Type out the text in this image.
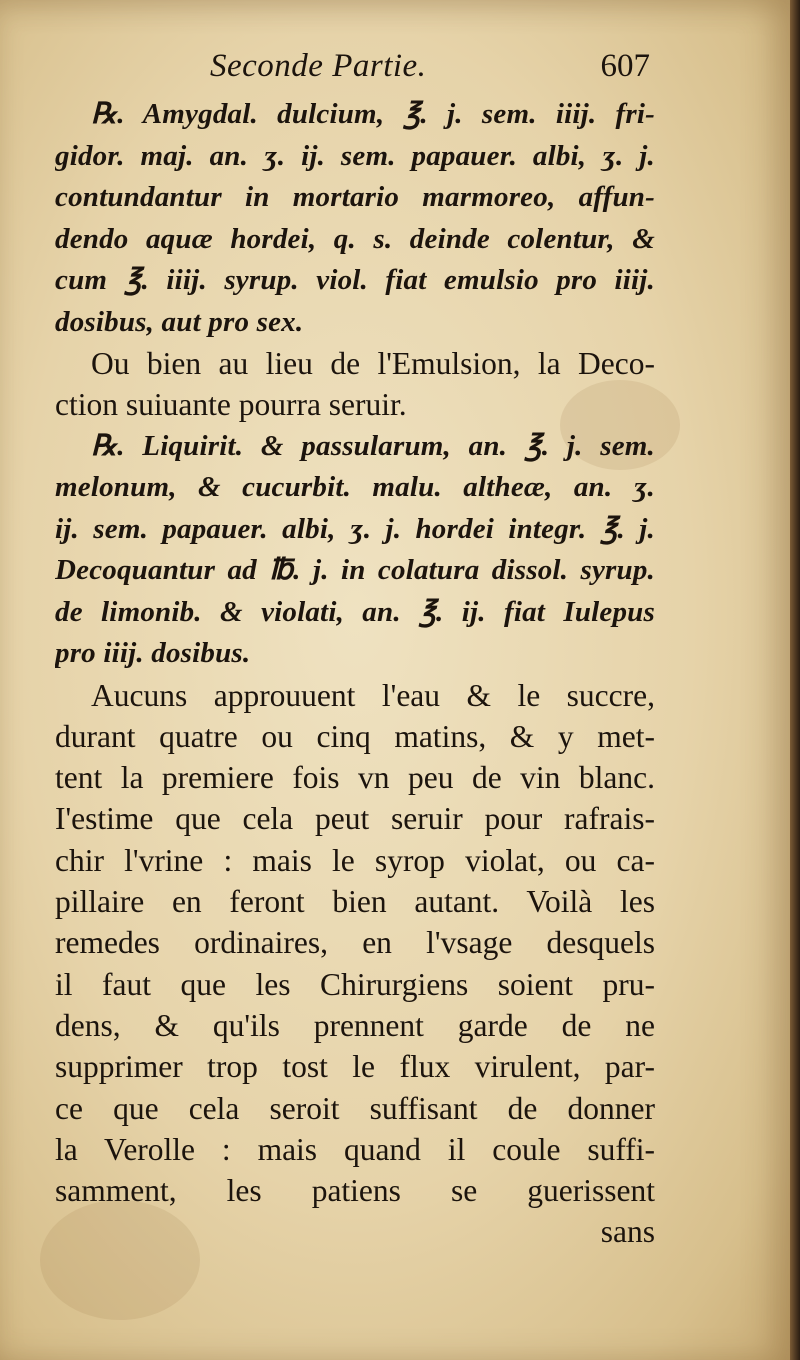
Seconde Partie.	607
℞. Amygdal. dulcium, ℥. j. sem. iiij. fri-
gidor. maj. an. ʒ. ij. sem. papauer. albi, ʒ. j.
contundantur in mortario marmoreo, affun-
dendo aquæ hordei, q. s. deinde colentur, &
cum ℥. iiij. syrup. viol. fiat emulsio pro iiij.
dosibus, aut pro sex.
Ou bien au lieu de l'Emulsion, la Deco-
ction suiuante pourra seruir.
℞. Liquirit. & passularum, an. ℥. j. sem.
melonum, & cucurbit. malu. altheæ, an. ʒ.
ij. sem. papauer. albi, ʒ. j. hordei integr. ℥. j.
Decoquantur ad ℔. j. in colatura dissol. syrup.
de limonib. & violati, an. ℥. ij. fiat Iulepus
pro iiij. dosibus.
Aucuns approuuent l'eau & le succre,
durant quatre ou cinq matins, & y met-
tent la premiere fois vn peu de vin blanc.
I'estime que cela peut seruir pour rafrais-
chir l'vrine : mais le syrop violat, ou ca-
pillaire en feront bien autant. Voilà les
remedes ordinaires, en l'vsage desquels
il faut que les Chirurgiens soient pru-
dens, & qu'ils prennent garde de ne
supprimer trop tost le flux virulent, par-
ce que cela seroit suffisant de donner
la Verolle : mais quand il coule suffi-
samment, les patiens se guerissent
sans
